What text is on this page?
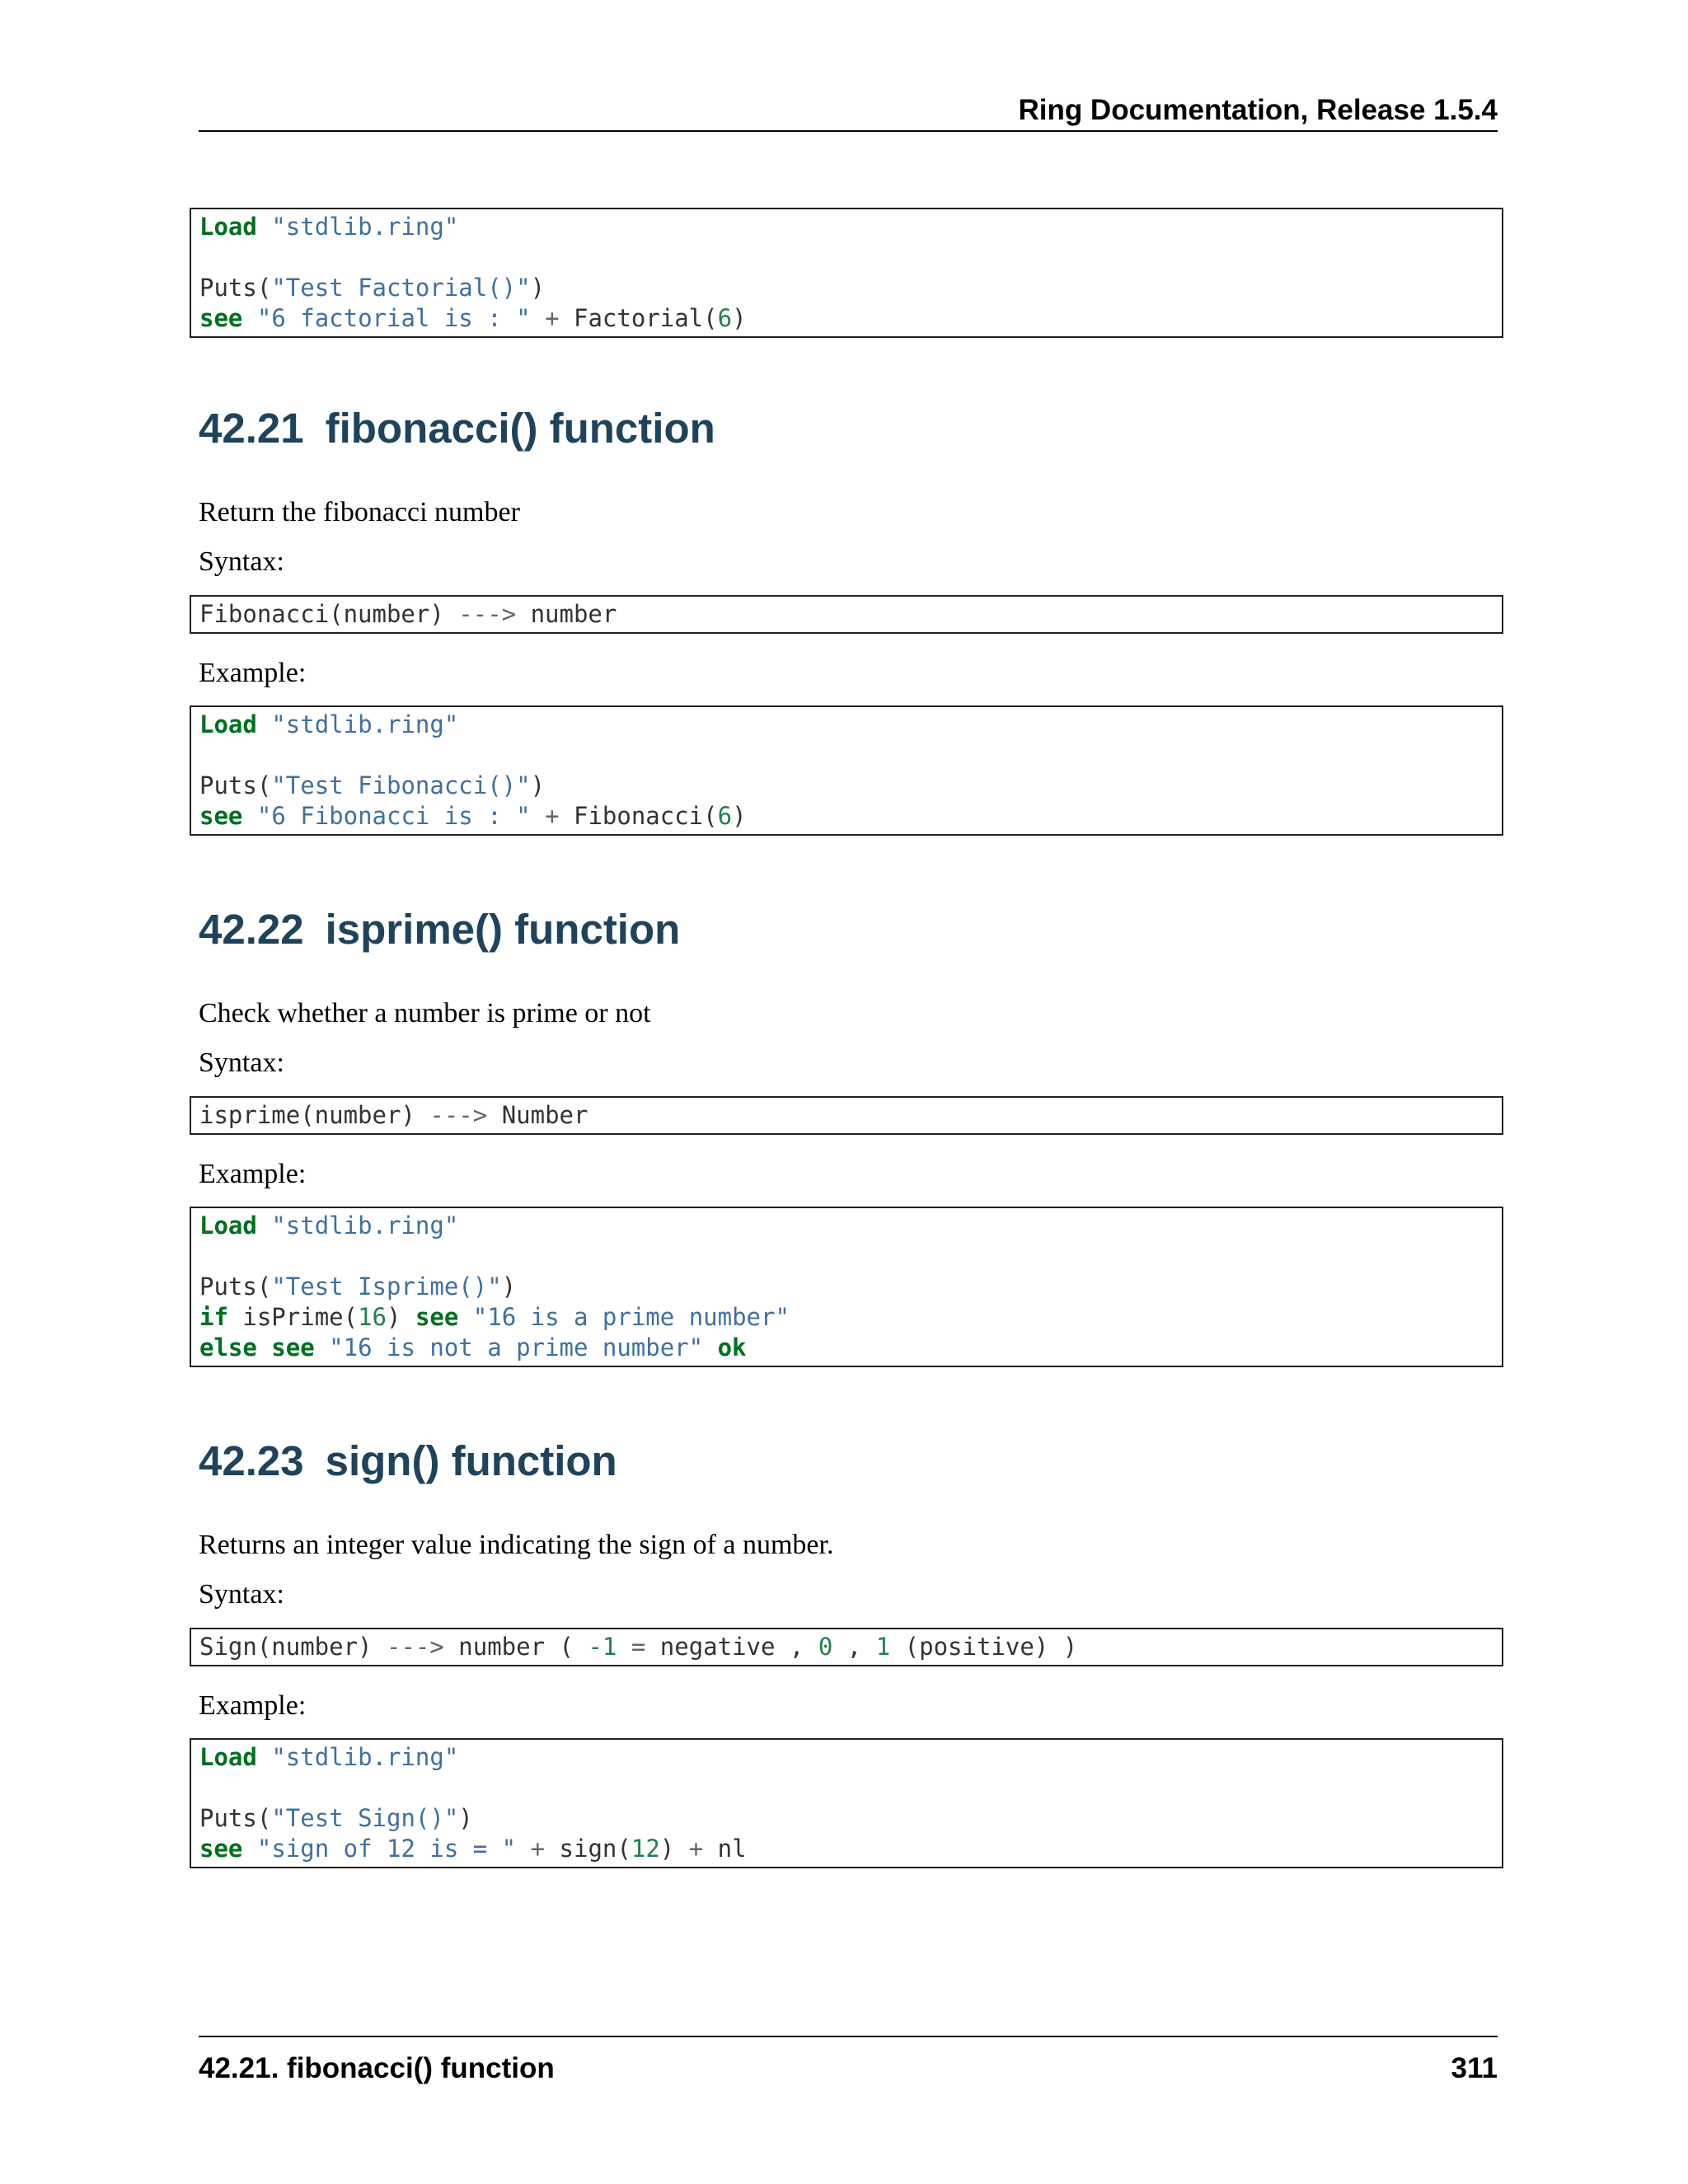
Ring Documentation, Release 1.5.4
Load "stdlib.ring"

Puts("Test Factorial()")
see "6 factorial is : " + Factorial(6)
42.21 fibonacci() function

Return the fibonacci number

Syntax:

Fibonacci(number) ---> number

Example:

Load "stdlib.ring"

Puts("Test Fibonacci()")
see "6 Fibonacci is : " + Fibonacci(6)
42.22 isprime() function

Check whether a number is prime or not

Syntax:

isprime(number) ---> Number

Example:

Load "stdlib.ring"

Puts("Test Isprime()")
if isPrime(16) see "16 is a prime number"
else see "16 is not a prime number" ok
42.23 sign() function

Returns an integer value indicating the sign of a number.

Syntax:

Sign(number) ---> number ( -1 = negative , 0 , 1 (positive) )

Example:

Load "stdlib.ring"

Puts("Test Sign()")
see "sign of 12 is = " + sign(12) + nl
42.21. fibonacci() function	311
